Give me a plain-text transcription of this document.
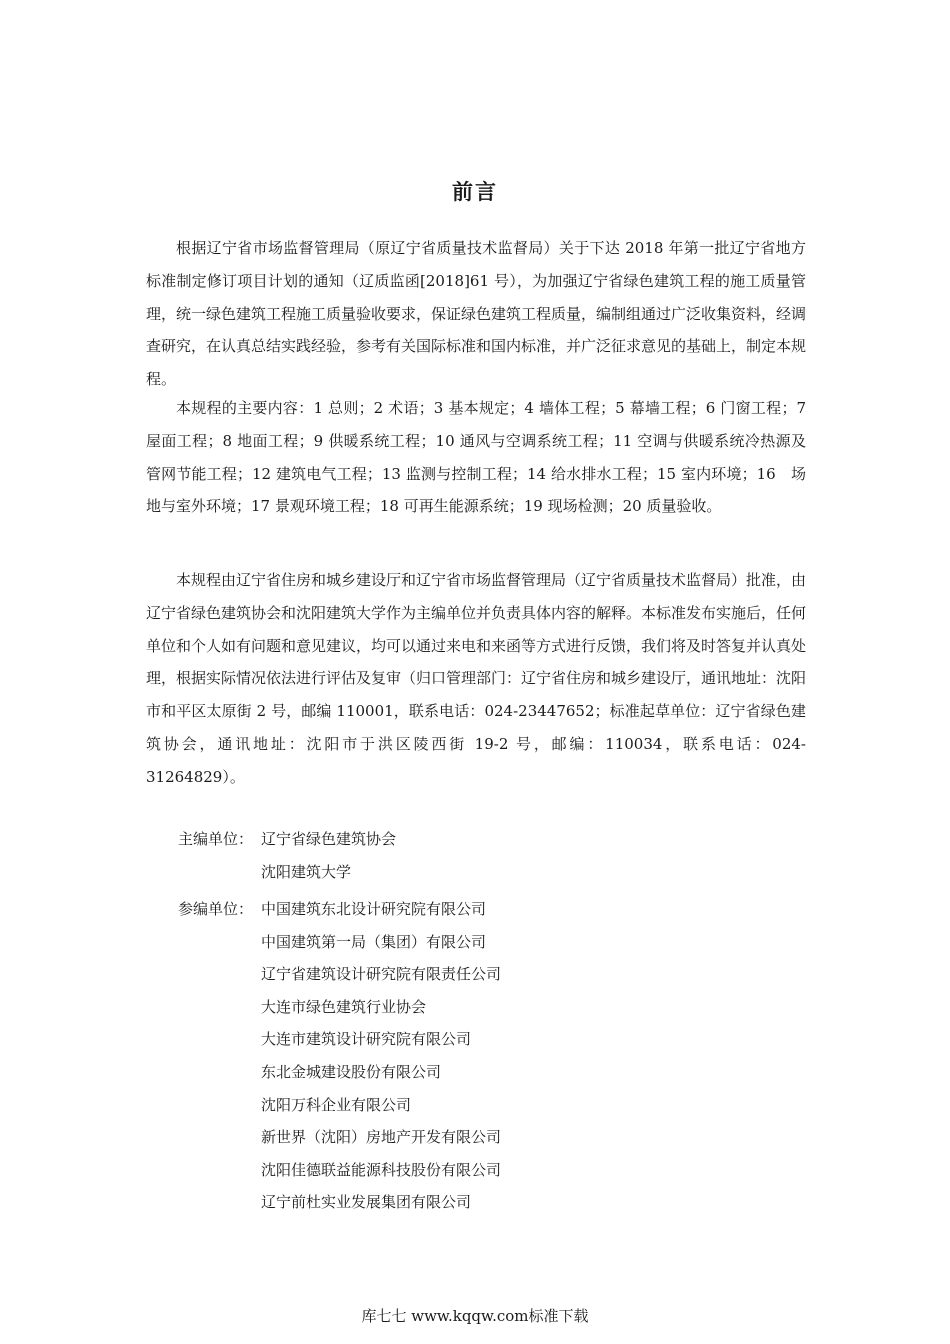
前言

根据辽宁省市场监督管理局（原辽宁省质量技术监督局）关于下达 2018 年第一批辽宁省地方标准制定修订项目计划的通知（辽质监函[2018]61 号），为加强辽宁省绿色建筑工程的施工质量管理，统一绿色建筑工程施工质量验收要求，保证绿色建筑工程质量，编制组通过广泛收集资料，经调查研究，在认真总结实践经验，参考有关国际标准和国内标准，并广泛征求意见的基础上，制定本规程。

本规程的主要内容：1 总则；2 术语；3 基本规定；4 墙体工程；5 幕墙工程；6 门窗工程；7 屋面工程；8 地面工程；9 供暖系统工程；10 通风与空调系统工程；11 空调与供暖系统冷热源及管网节能工程；12 建筑电气工程；13 监测与控制工程；14 给水排水工程；15 室内环境；16　场地与室外环境；17 景观环境工程；18 可再生能源系统；19 现场检测；20 质量验收。

本规程由辽宁省住房和城乡建设厅和辽宁省市场监督管理局（辽宁省质量技术监督局）批准，由辽宁省绿色建筑协会和沈阳建筑大学作为主编单位并负责具体内容的解释。本标准发布实施后，任何单位和个人如有问题和意见建议，均可以通过来电和来函等方式进行反馈，我们将及时答复并认真处理，根据实际情况依法进行评估及复审（归口管理部门：辽宁省住房和城乡建设厅，通讯地址：沈阳市和平区太原街 2 号，邮编 110001，联系电话：024-23447652；标准起草单位：辽宁省绿色建筑协会，通讯地址：沈阳市于洪区陵西街 19-2 号，邮编：110034，联系电话：024-31264829）。

主编单位： 辽宁省绿色建筑协会
沈阳建筑大学
参编单位： 中国建筑东北设计研究院有限公司
中国建筑第一局（集团）有限公司
辽宁省建筑设计研究院有限责任公司
大连市绿色建筑行业协会
大连市建筑设计研究院有限公司
东北金城建设股份有限公司
沈阳万科企业有限公司
新世界（沈阳）房地产开发有限公司
沈阳佳德联益能源科技股份有限公司
辽宁前杜实业发展集团有限公司
库七七 www.kqqw.com标准下载
